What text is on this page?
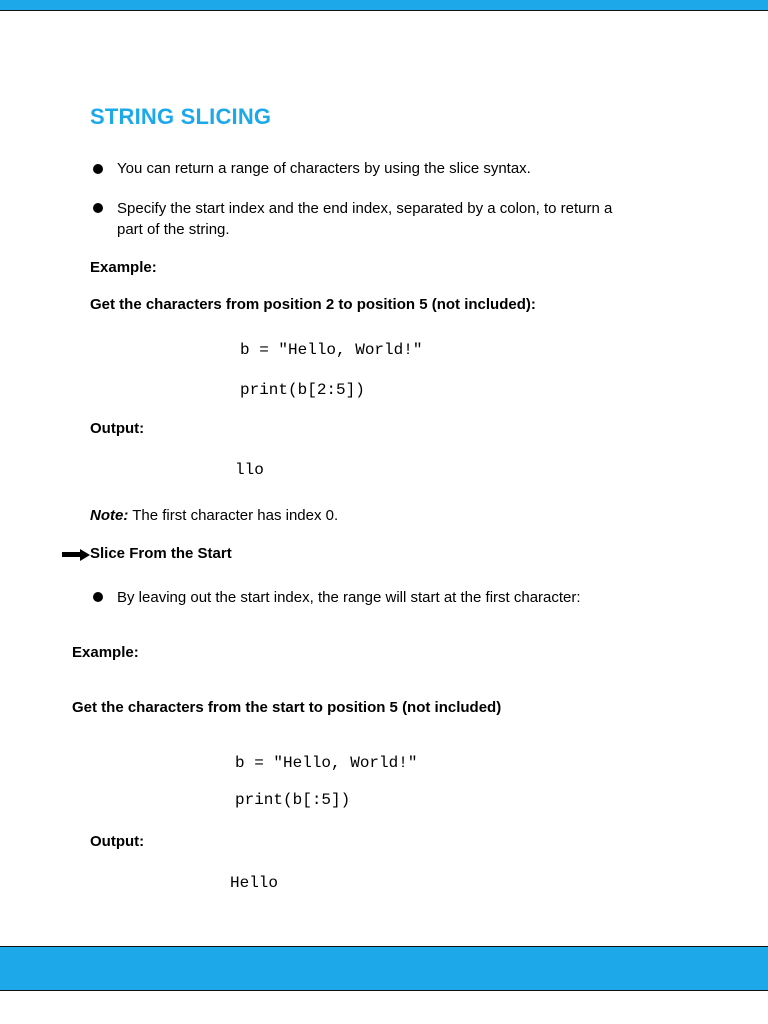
STRING SLICING
You can return a range of characters by using the slice syntax.
Specify the start index and the end index, separated by a colon, to return a
part of the string.
Example:
Get the characters from position 2 to position 5 (not included):
b = "Hello, World!"
print(b[2:5])
Output:
llo
Note: The first character has index 0.
Slice From the Start
By leaving out the start index, the range will start at the first character:
Example:
Get the characters from the start to position 5 (not included)
b = "Hello, World!"
print(b[:5])
Output:
Hello
